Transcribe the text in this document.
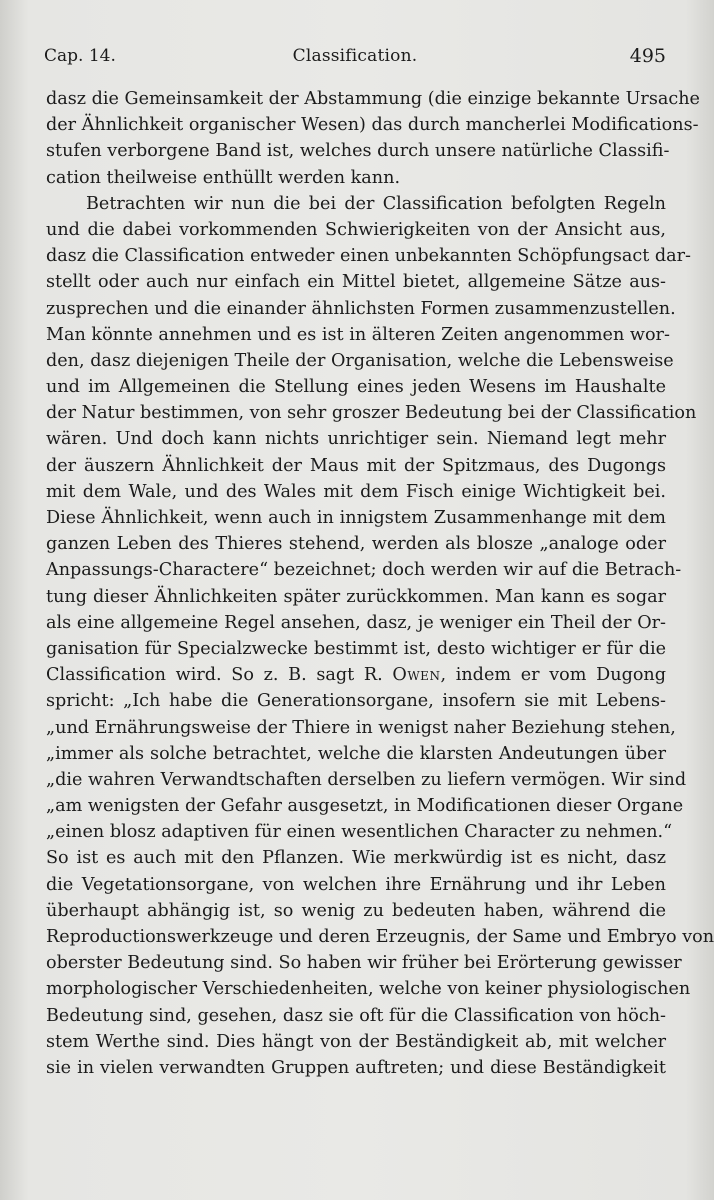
Cap. 14.	Classification.	495
dasz die Gemeinsamkeit der Abstammung (die einzige bekannte Ursache
der Ähnlichkeit organischer Wesen) das durch mancherlei Modifications-
stufen verborgene Band ist, welches durch unsere natürliche Classifi-
cation theilweise enthüllt werden kann.
Betrachten wir nun die bei der Classification befolgten Regeln
und die dabei vorkommenden Schwierigkeiten von der Ansicht aus,
dasz die Classification entweder einen unbekannten Schöpfungsact dar-
stellt oder auch nur einfach ein Mittel bietet, allgemeine Sätze aus-
zusprechen und die einander ähnlichsten Formen zusammenzustellen.
Man könnte annehmen und es ist in älteren Zeiten angenommen wor-
den, dasz diejenigen Theile der Organisation, welche die Lebensweise
und im Allgemeinen die Stellung eines jeden Wesens im Haushalte
der Natur bestimmen, von sehr groszer Bedeutung bei der Classification
wären. Und doch kann nichts unrichtiger sein. Niemand legt mehr
der äuszern Ähnlichkeit der Maus mit der Spitzmaus, des Dugongs
mit dem Wale, und des Wales mit dem Fisch einige Wichtigkeit bei.
Diese Ähnlichkeit, wenn auch in innigstem Zusammenhange mit dem
ganzen Leben des Thieres stehend, werden als blosze „analoge oder
Anpassungs-Charactere“ bezeichnet; doch werden wir auf die Betrach-
tung dieser Ähnlichkeiten später zurückkommen. Man kann es sogar
als eine allgemeine Regel ansehen, dasz, je weniger ein Theil der Or-
ganisation für Specialzwecke bestimmt ist, desto wichtiger er für die
Classification wird. So z. B. sagt R. Owen, indem er vom Dugong
spricht: „Ich habe die Generationsorgane, insofern sie mit Lebens-
„und Ernährungsweise der Thiere in wenigst naher Beziehung stehen,
„immer als solche betrachtet, welche die klarsten Andeutungen über
„die wahren Verwandtschaften derselben zu liefern vermögen. Wir sind
„am wenigsten der Gefahr ausgesetzt, in Modificationen dieser Organe
„einen blosz adaptiven für einen wesentlichen Character zu nehmen.“
So ist es auch mit den Pflanzen. Wie merkwürdig ist es nicht, dasz
die Vegetationsorgane, von welchen ihre Ernährung und ihr Leben
überhaupt abhängig ist, so wenig zu bedeuten haben, während die
Reproductionswerkzeuge und deren Erzeugnis, der Same und Embryo von
oberster Bedeutung sind. So haben wir früher bei Erörterung gewisser
morphologischer Verschiedenheiten, welche von keiner physiologischen
Bedeutung sind, gesehen, dasz sie oft für die Classification von höch-
stem Werthe sind. Dies hängt von der Beständigkeit ab, mit welcher
sie in vielen verwandten Gruppen auftreten; und diese Beständigkeit
